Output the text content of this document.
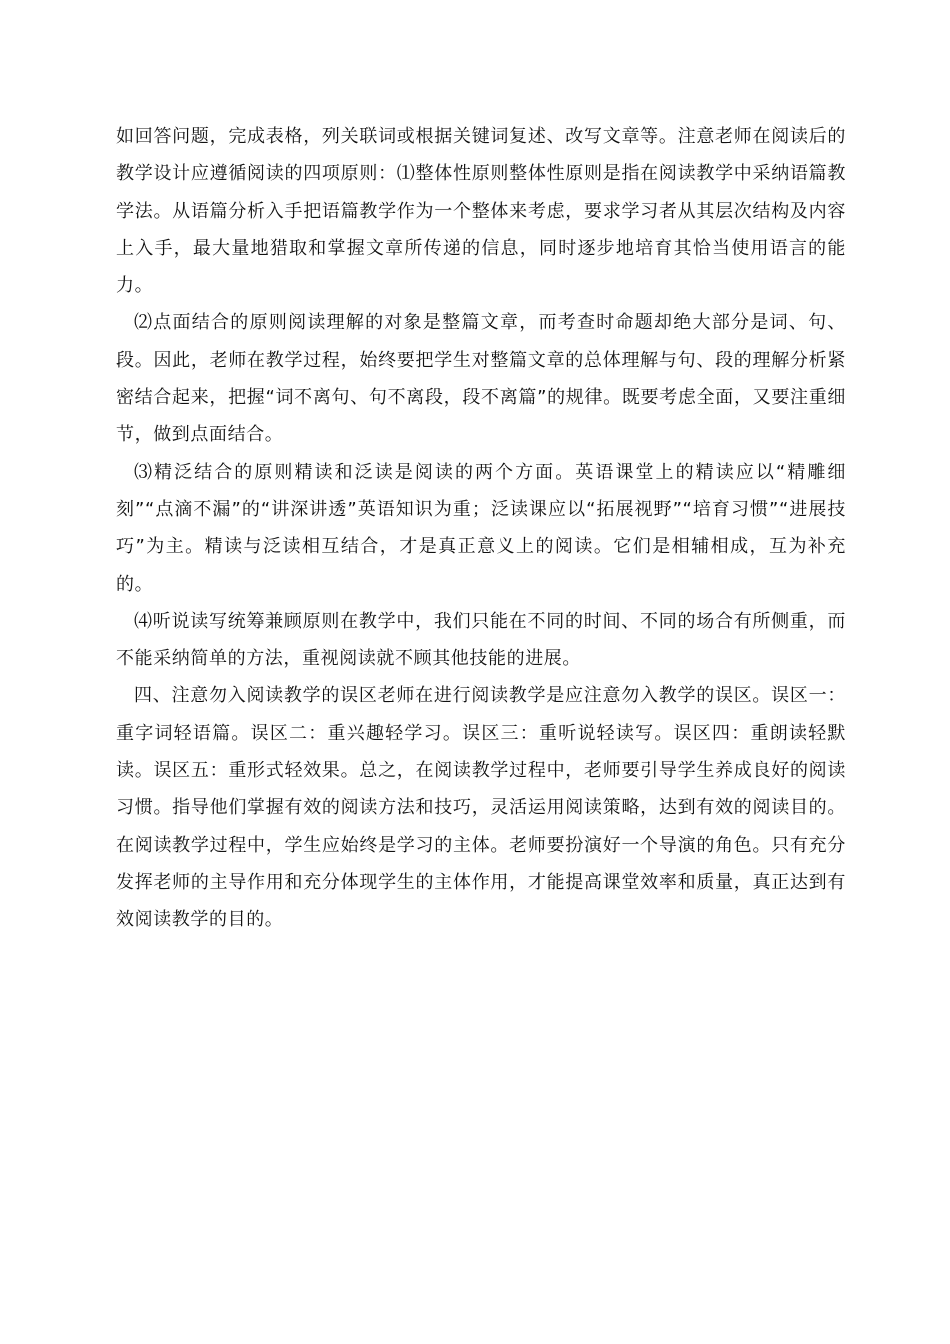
如回答问题，完成表格，列关联词或根据关键词复述、改写文章等。注意老师在阅读后的教学设计应遵循阅读的四项原则：⑴整体性原则整体性原则是指在阅读教学中采纳语篇教学法。从语篇分析入手把语篇教学作为一个整体来考虑，要求学习者从其层次结构及内容上入手，最大量地猎取和掌握文章所传递的信息，同时逐步地培育其恰当使用语言的能力。

⑵点面结合的原则阅读理解的对象是整篇文章，而考查时命题却绝大部分是词、句、段。因此，老师在教学过程，始终要把学生对整篇文章的总体理解与句、段的理解分析紧密结合起来，把握“词不离句、句不离段，段不离篇”的规律。既要考虑全面，又要注重细节，做到点面结合。

⑶精泛结合的原则精读和泛读是阅读的两个方面。英语课堂上的精读应以“精雕细刻”“点滴不漏”的“讲深讲透”英语知识为重；泛读课应以“拓展视野”“培育习惯”“进展技巧”为主。精读与泛读相互结合，才是真正意义上的阅读。它们是相辅相成，互为补充的。

⑷听说读写统筹兼顾原则在教学中，我们只能在不同的时间、不同的场合有所侧重，而不能采纳简单的方法，重视阅读就不顾其他技能的进展。

四、注意勿入阅读教学的误区老师在进行阅读教学是应注意勿入教学的误区。误区一：重字词轻语篇。误区二：重兴趣轻学习。误区三：重听说轻读写。误区四：重朗读轻默读。误区五：重形式轻效果。总之，在阅读教学过程中，老师要引导学生养成良好的阅读习惯。指导他们掌握有效的阅读方法和技巧，灵活运用阅读策略，达到有效的阅读目的。在阅读教学过程中，学生应始终是学习的主体。老师要扮演好一个导演的角色。只有充分发挥老师的主导作用和充分体现学生的主体作用，才能提高课堂效率和质量，真正达到有效阅读教学的目的。
